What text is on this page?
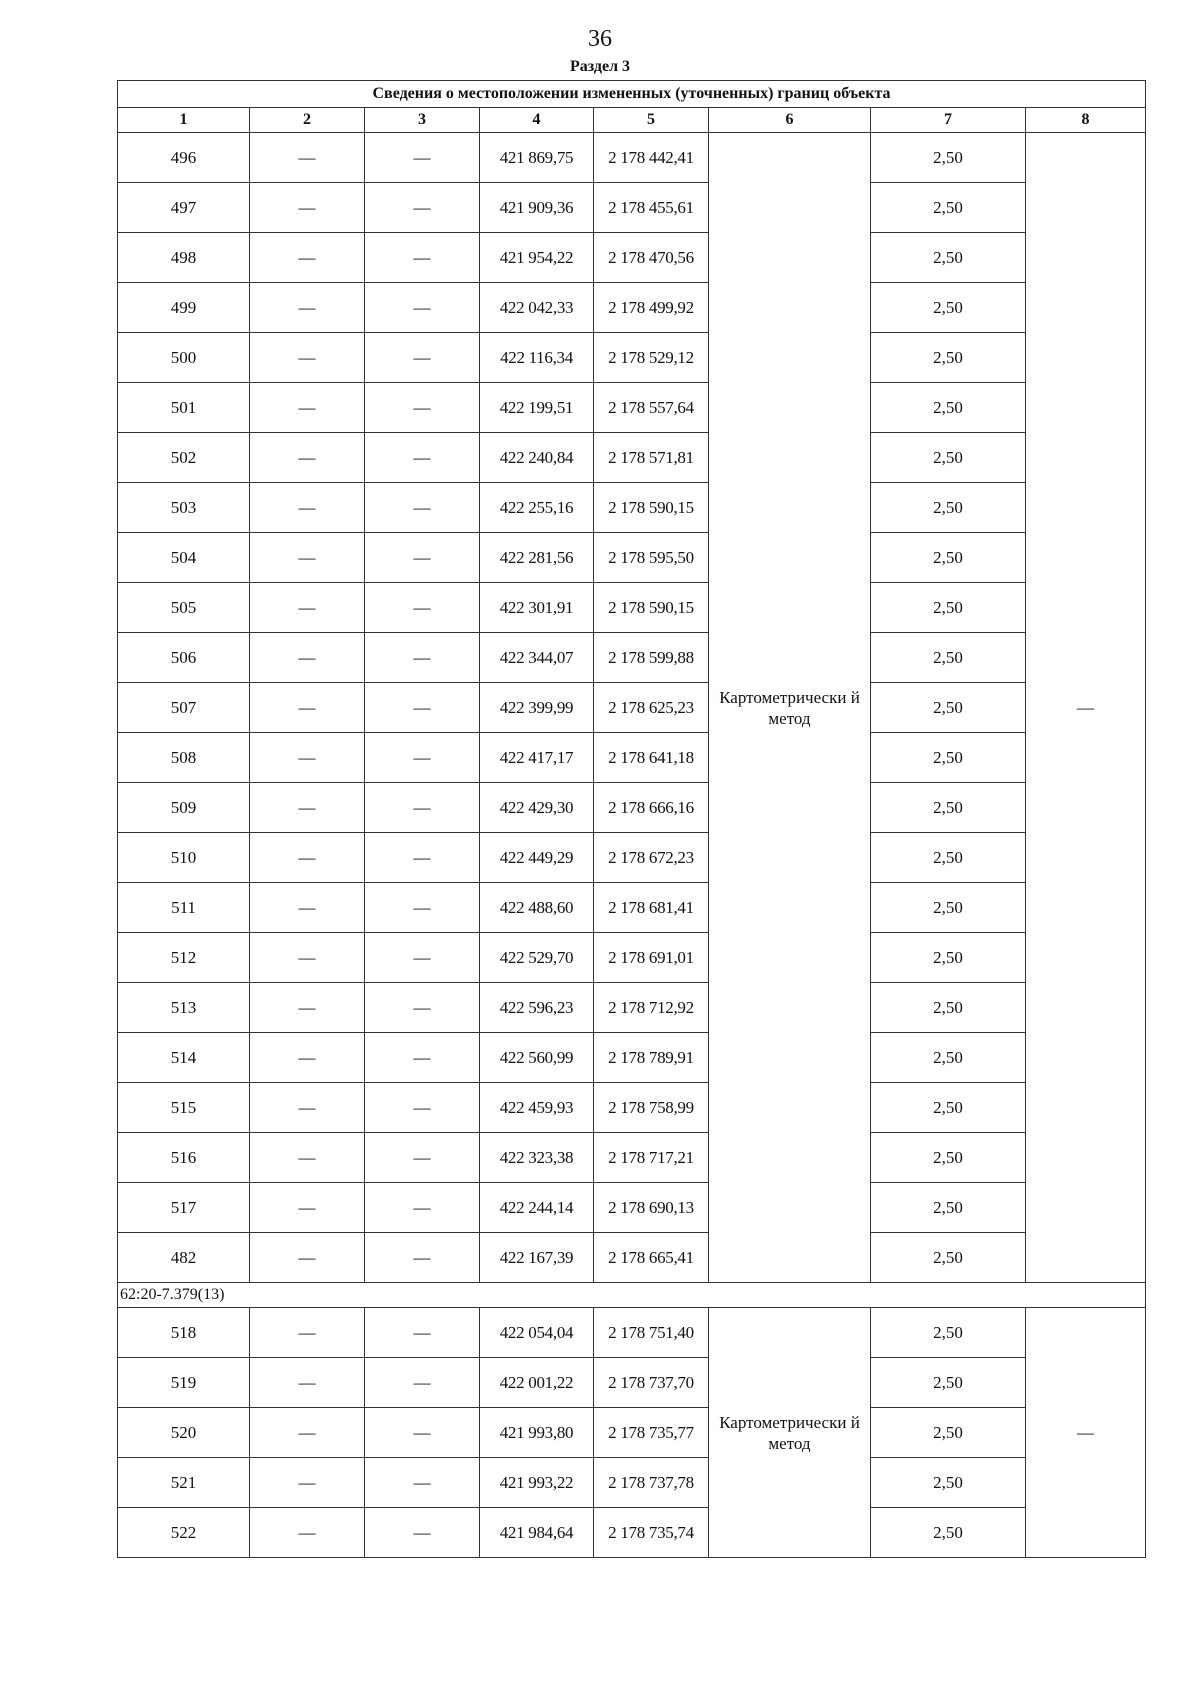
36
Раздел 3
Сведения о местоположении измененных (уточненных) границ объекта							
1	2	3	4	5	6	7	8
496	—	—	421 869,75	2 178 442,41	Картометрически й метод	2,50	—
497	—	—	421 909,36	2 178 455,61		2,50	
498	—	—	421 954,22	2 178 470,56		2,50	
499	—	—	422 042,33	2 178 499,92		2,50	
500	—	—	422 116,34	2 178 529,12		2,50	
501	—	—	422 199,51	2 178 557,64		2,50	
502	—	—	422 240,84	2 178 571,81		2,50	
503	—	—	422 255,16	2 178 590,15		2,50	
504	—	—	422 281,56	2 178 595,50		2,50	
505	—	—	422 301,91	2 178 590,15		2,50	
506	—	—	422 344,07	2 178 599,88		2,50	
507	—	—	422 399,99	2 178 625,23		2,50	
508	—	—	422 417,17	2 178 641,18		2,50	
509	—	—	422 429,30	2 178 666,16		2,50	
510	—	—	422 449,29	2 178 672,23		2,50	
511	—	—	422 488,60	2 178 681,41		2,50	
512	—	—	422 529,70	2 178 691,01		2,50	
513	—	—	422 596,23	2 178 712,92		2,50	
514	—	—	422 560,99	2 178 789,91		2,50	
515	—	—	422 459,93	2 178 758,99		2,50	
516	—	—	422 323,38	2 178 717,21		2,50	
517	—	—	422 244,14	2 178 690,13		2,50	
482	—	—	422 167,39	2 178 665,41		2,50	
62:20-7.379(13)							
518	—	—	422 054,04	2 178 751,40	Картометрически й метод	2,50	—
519	—	—	422 001,22	2 178 737,70		2,50	
520	—	—	421 993,80	2 178 735,77		2,50	
521	—	—	421 993,22	2 178 737,78		2,50	
522	—	—	421 984,64	2 178 735,74		2,50	
